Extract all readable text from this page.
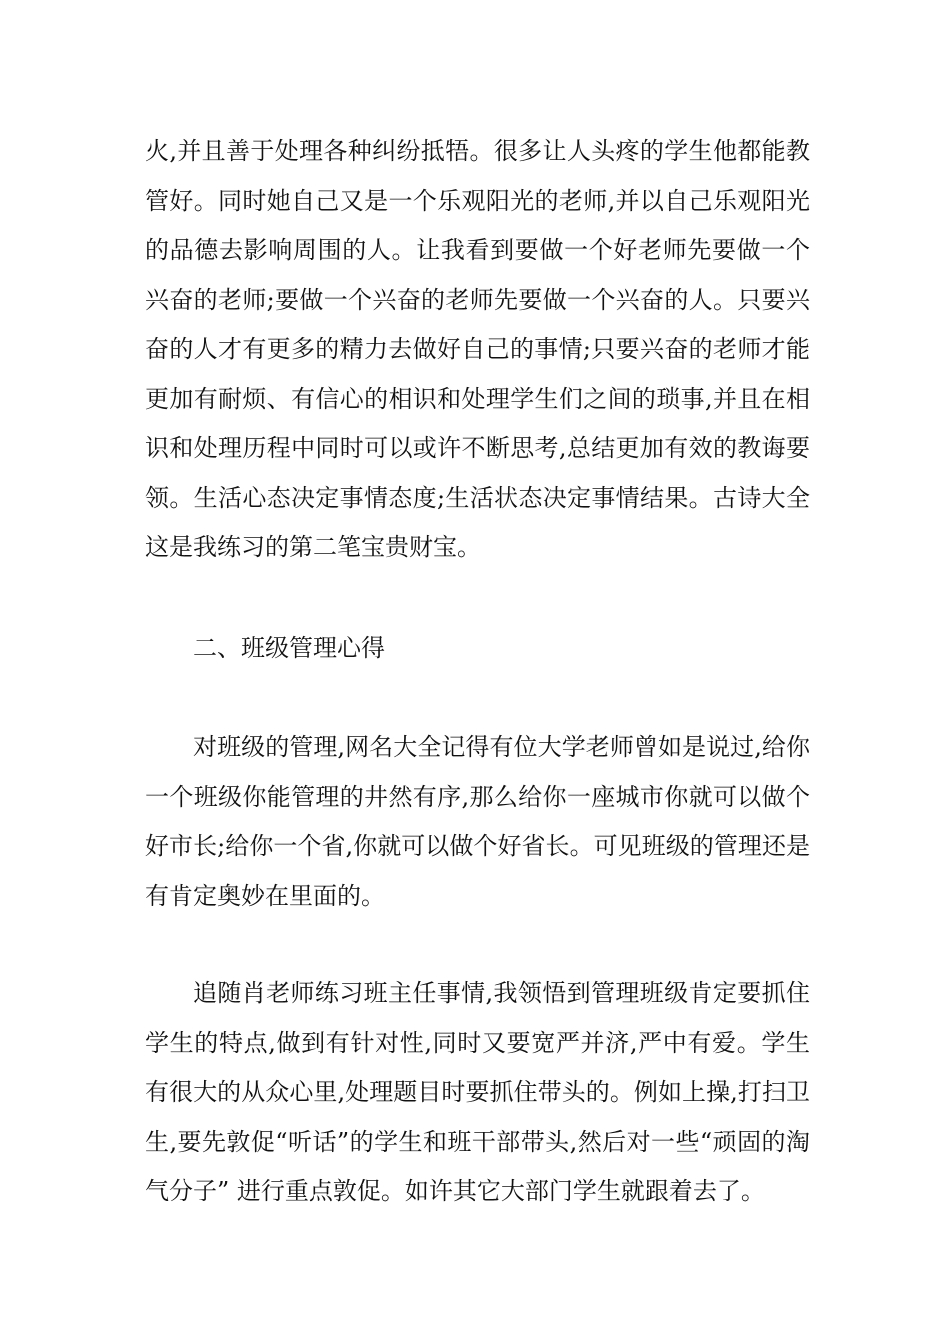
火,并且善于处理各种纠纷抵牾。很多让人头疼的学生他都能教管好。同时她自己又是一个乐观阳光的老师,并以自己乐观阳光的品德去影响周围的人。让我看到要做一个好老师先要做一个兴奋的老师;要做一个兴奋的老师先要做一个兴奋的人。只要兴奋的人才有更多的精力去做好自己的事情;只要兴奋的老师才能更加有耐烦、有信心的相识和处理学生们之间的琐事,并且在相识和处理历程中同时可以或许不断思考,总结更加有效的教诲要领。生活心态决定事情态度;生活状态决定事情结果。古诗大全这是我练习的第二笔宝贵财宝。

二、班级管理心得

对班级的管理,网名大全记得有位大学老师曾如是说过,给你一个班级你能管理的井然有序,那么给你一座城市你就可以做个好市长;给你一个省,你就可以做个好省长。可见班级的管理还是有肯定奥妙在里面的。

追随肖老师练习班主任事情,我领悟到管理班级肯定要抓住学生的特点,做到有针对性,同时又要宽严并济,严中有爱。学生有很大的从众心里,处理题目时要抓住带头的。例如上操,打扫卫生,要先敦促“听话”的学生和班干部带头,然后对一些“顽固的淘气分子” 进行重点敦促。如许其它大部门学生就跟着去了。
